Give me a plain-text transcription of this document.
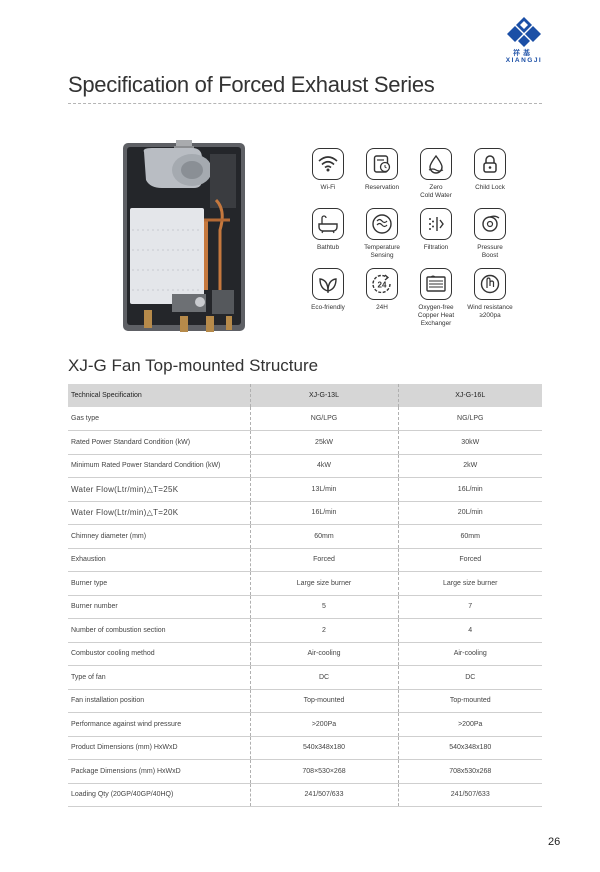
祥基
XIANGJI
Specification of Forced Exhaust Series
Wi-Fi	Reservation	Zero
Cold Water
Child Lock
Bathtub	Temperature
Sensing
Filtration	Pressure
Boost
Eco-friendly
24
24H	Oxygen-free
Copper Heat
Exchanger
Wind resistance
≥200pa
XJ-G Fan Top-mounted Structure
Technical Specification	XJ-G-13L	XJ-G-16L
Gas type	NG/LPG	NG/LPG
Rated Power Standard Condition (kW)	25kW	30kW
Minimum Rated Power Standard Condition (kW)	4kW	2kW
Water Flow(Ltr/min)△T=25K	13L/min	16L/min
Water Flow(Ltr/min)△T=20K	16L/min	20L/min
Chimney diameter (mm)	60mm	60mm
Exhaustion	Forced	Forced
Burner type	Large size burner	Large size burner
Burner number	5	7
Number of combustion section	2	4
Combustor cooling method	Air-cooling	Air-cooling
Type of fan	DC	DC
Fan installation position	Top-mounted	Top-mounted
Performance against wind pressure	>200Pa	>200Pa
Product Dimensions (mm) HxWxD	540x348x180	540x348x180
Package Dimensions (mm) HxWxD	708×530×268	708x530x268
Loading Qty (20GP/40GP/40HQ)	241/507/633	241/507/633
26
